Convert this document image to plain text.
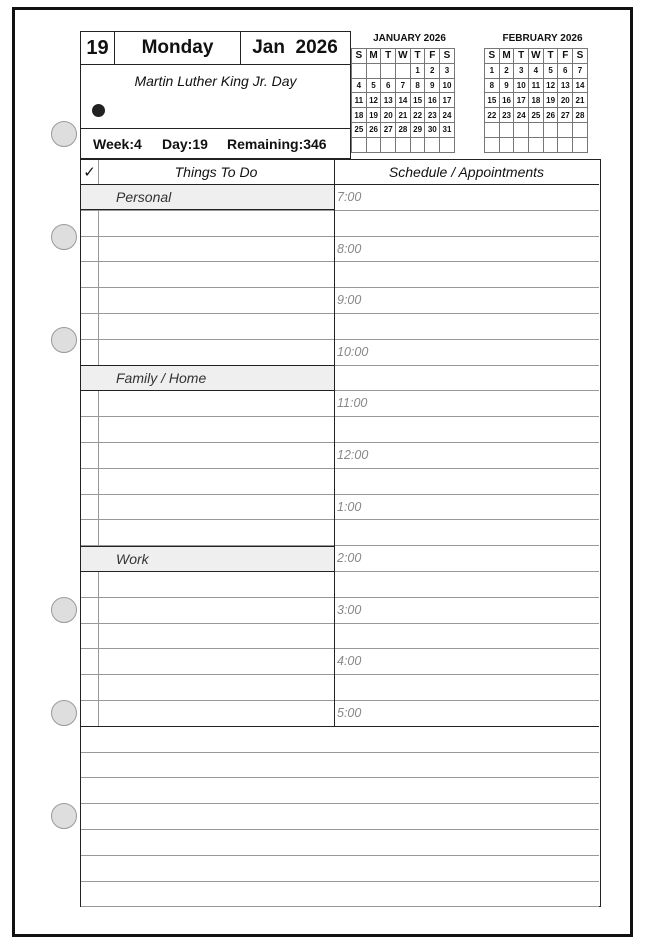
19	Monday	Jan  2026
Martin Luther King Jr. Day
Week:4 Day:19 Remaining:346
JANUARY 2026
S	M	T	W	T	F	S
				1	2	3
4	5	6	7	8	9	10
11	12	13	14	15	16	17
18	19	20	21	22	23	24
25	26	27	28	29	30	31

FEBRUARY 2026
S	M	T	W	T	F	S
1	2	3	4	5	6	7
8	9	10	11	12	13	14
15	16	17	18	19	20	21
22	23	24	25	26	27	28

✓	Things To Do	Schedule / Appointments
Personal
Family / Home
Work
7:00
8:00
9:00
10:00
11:00
12:00
1:00
2:00
3:00
4:00
5:00
